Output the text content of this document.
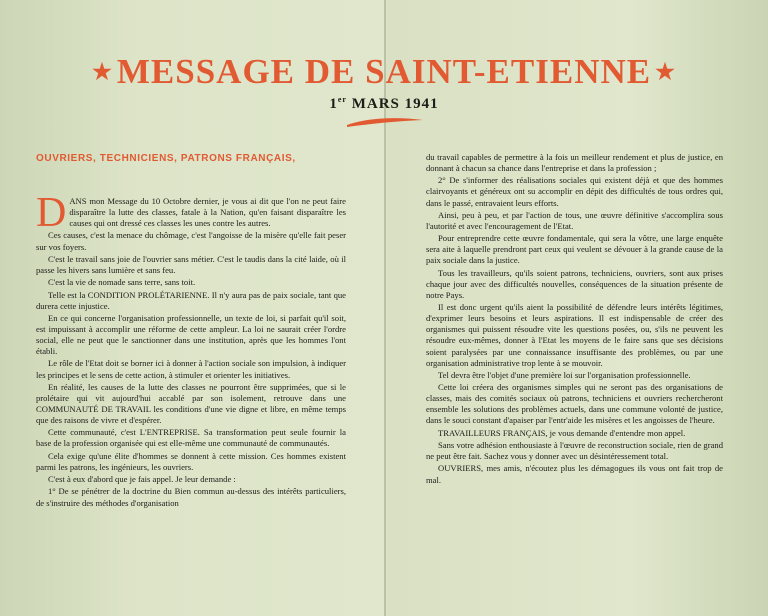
★ MESSAGE DE SAINT-ETIENNE ★
1er MARS 1941
OUVRIERS, TECHNICIENS, PATRONS FRANÇAIS,

DANS mon Message du 10 Octobre dernier, je vous ai dit que l'on ne peut faire disparaître la lutte des classes, fatale à la Nation, qu'en faisant disparaître les causes qui ont dressé ces classes les unes contre les autres.

Ces causes, c'est la menace du chômage, c'est l'angoisse de la misère qu'elle fait peser sur vos foyers.

C'est le travail sans joie de l'ouvrier sans métier. C'est le taudis dans la cité laide, où il passe les hivers sans lumière et sans feu.

C'est la vie de nomade sans terre, sans toit.

Telle est la CONDITION PROLÉTARIENNE. Il n'y aura pas de paix sociale, tant que durera cette injustice.

En ce qui concerne l'organisation professionnelle, un texte de loi, si parfait qu'il soit, est impuissant à accomplir une réforme de cette ampleur. La loi ne saurait créer l'ordre social, elle ne peut que le sanctionner dans une institution, après que les hommes l'ont établi.

Le rôle de l'Etat doit se borner ici à donner à l'action sociale son impulsion, à indiquer les principes et le sens de cette action, à stimuler et orienter les initiatives.

En réalité, les causes de la lutte des classes ne pourront être supprimées, que si le prolétaire qui vit aujourd'hui accablé par son isolement, retrouve dans une COMMUNAUTÉ DE TRAVAIL les conditions d'une vie digne et libre, en même temps que des raisons de vivre et d'espérer.

Cette communauté, c'est L'ENTREPRISE. Sa transformation peut seule fournir la base de la profession organisée qui est elle-même une communauté de communautés.

Cela exige qu'une élite d'hommes se donnent à cette mission. Ces hommes existent parmi les patrons, les ingénieurs, les ouvriers.

C'est à eux d'abord que je fais appel. Je leur demande :

1° De se pénétrer de la doctrine du Bien commun au-dessus des intérêts particuliers, de s'instruire des méthodes d'organisation

du travail capables de permettre à la fois un meilleur rendement et plus de justice, en donnant à chacun sa chance dans l'entreprise et dans la profession ;

2° De s'informer des réalisations sociales qui existent déjà et que des hommes clairvoyants et généreux ont su accomplir en dépit des difficultés de tous ordres qui, dans le passé, entravaient leurs efforts.

Ainsi, peu à peu, et par l'action de tous, une œuvre définitive s'accomplira sous l'autorité et avec l'encouragement de l'Etat.

Pour entreprendre cette œuvre fondamentale, qui sera la vôtre, une large enquête sera aite à laquelle prendront part ceux qui veulent se dévouer à la grande cause de la paix sociale dans la justice.

Tous les travailleurs, qu'ils soient patrons, techniciens, ouvriers, sont aux prises chaque jour avec des difficultés nouvelles, conséquences de la situation présente de notre Pays.

Il est donc urgent qu'ils aient la possibilité de défendre leurs intérêts légitimes, d'exprimer leurs besoins et leurs aspirations. Il est indispensable de créer des organismes qui puissent résoudre vite les questions posées, ou, s'ils ne peuvent les résoudre eux-mêmes, donner à l'Etat les moyens de le faire sans que ses décisions soient paralysées par une connaissance insuffisante des problèmes, ou par une organisation administrative trop lente à se mouvoir.

Tel devra être l'objet d'une première loi sur l'organisation professionnelle.

Cette loi créera des organismes simples qui ne seront pas des organisations de classes, mais des comités sociaux où patrons, techniciens et ouvriers rechercheront ensemble les solutions des problèmes actuels, dans une commune volonté de justice, dans le souci constant d'apaiser par l'entr'aide les misères et les angoisses de l'heure.

TRAVAILLEURS FRANÇAIS, je vous demande d'entendre mon appel.

Sans votre adhésion enthousiaste à l'œuvre de reconstruction sociale, rien de grand ne peut être fait. Sachez vous y donner avec un désintéressement total.

OUVRIERS, mes amis, n'écoutez plus les démagogues ils vous ont fait trop de mal.
